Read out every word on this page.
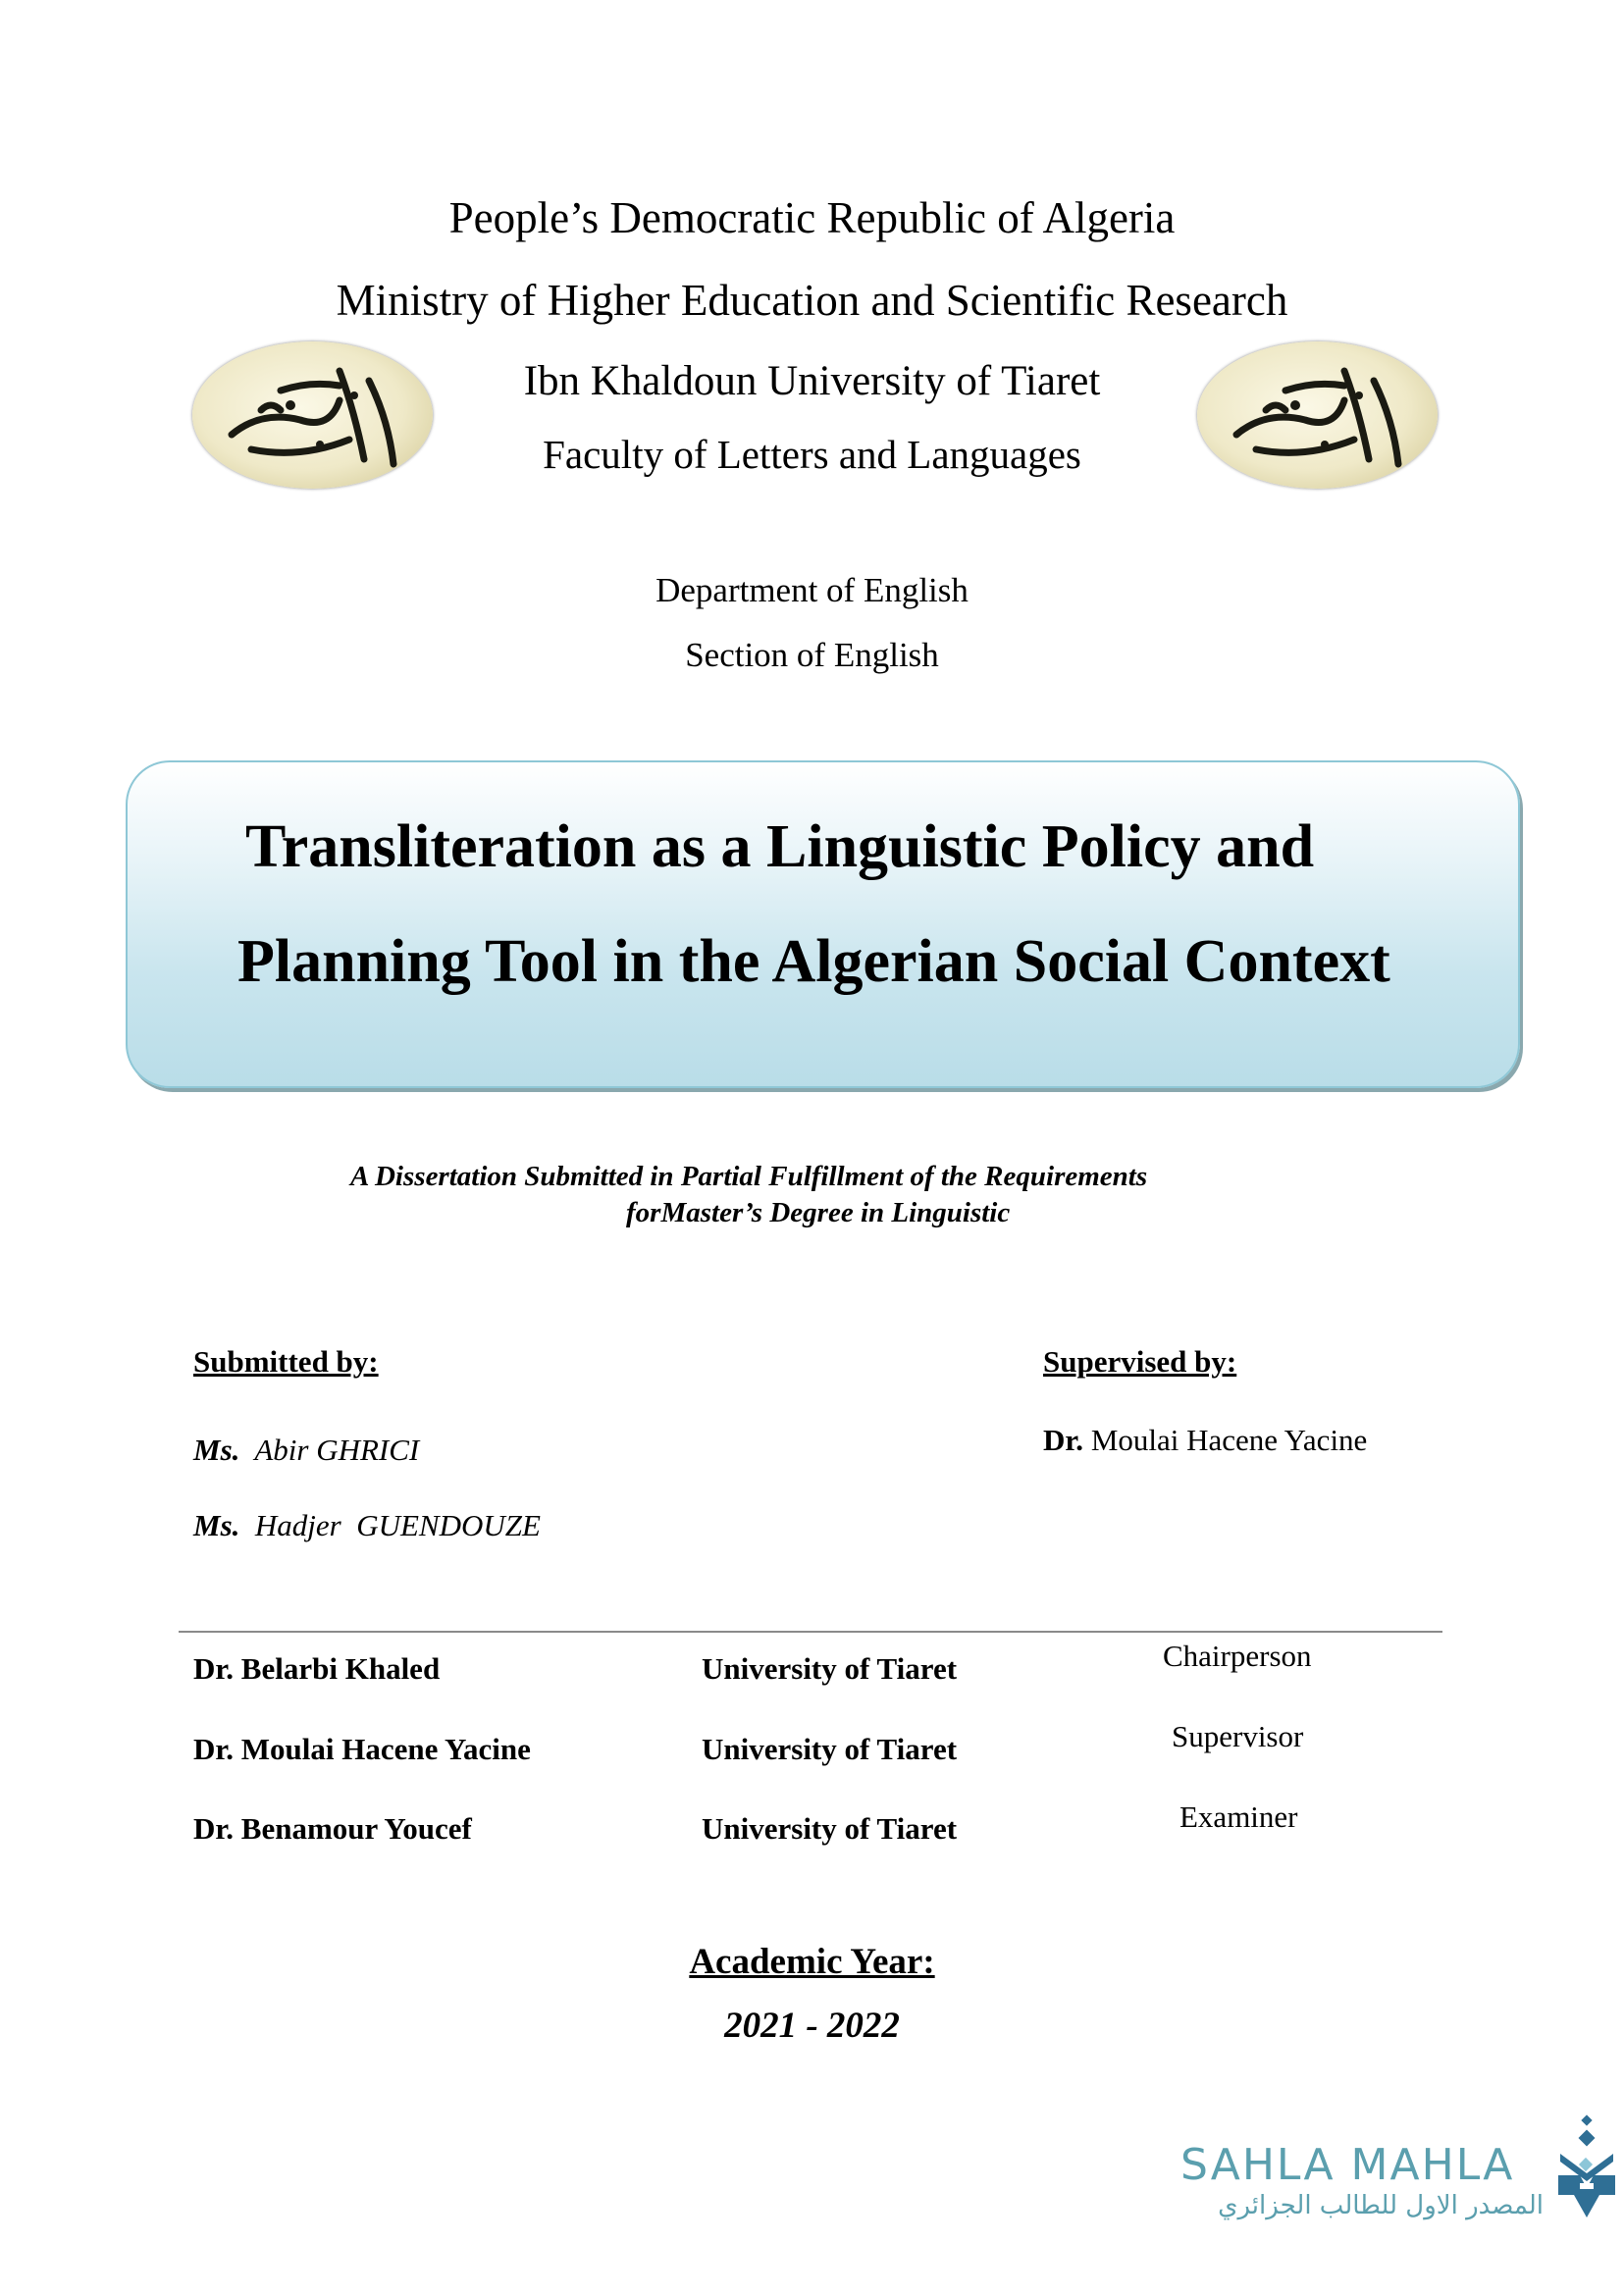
People’s Democratic Republic of Algeria
Ministry of Higher Education and Scientific Research
Ibn Khaldoun University of Tiaret
Faculty of Letters and Languages
Department of English
Section of English
Transliteration as a Linguistic Policy and
Planning Tool in the Algerian Social Context
A Dissertation Submitted in Partial Fulfillment of the Requirements
forMaster’s Degree in Linguistic
Submitted by:
Ms. Abir GHRICI
Ms. Hadjer  GUENDOUZE
Supervised by:
Dr. Moulai Hacene Yacine
Dr. Belarbi Khaled	University of Tiaret	Chairperson
Dr. Moulai Hacene Yacine	University of Tiaret	Supervisor
Dr. Benamour Youcef	University of Tiaret	Examiner
Academic Year:
2021 - 2022
SAHLA MAHLA
المصدر الاول للطالب الجزائري
